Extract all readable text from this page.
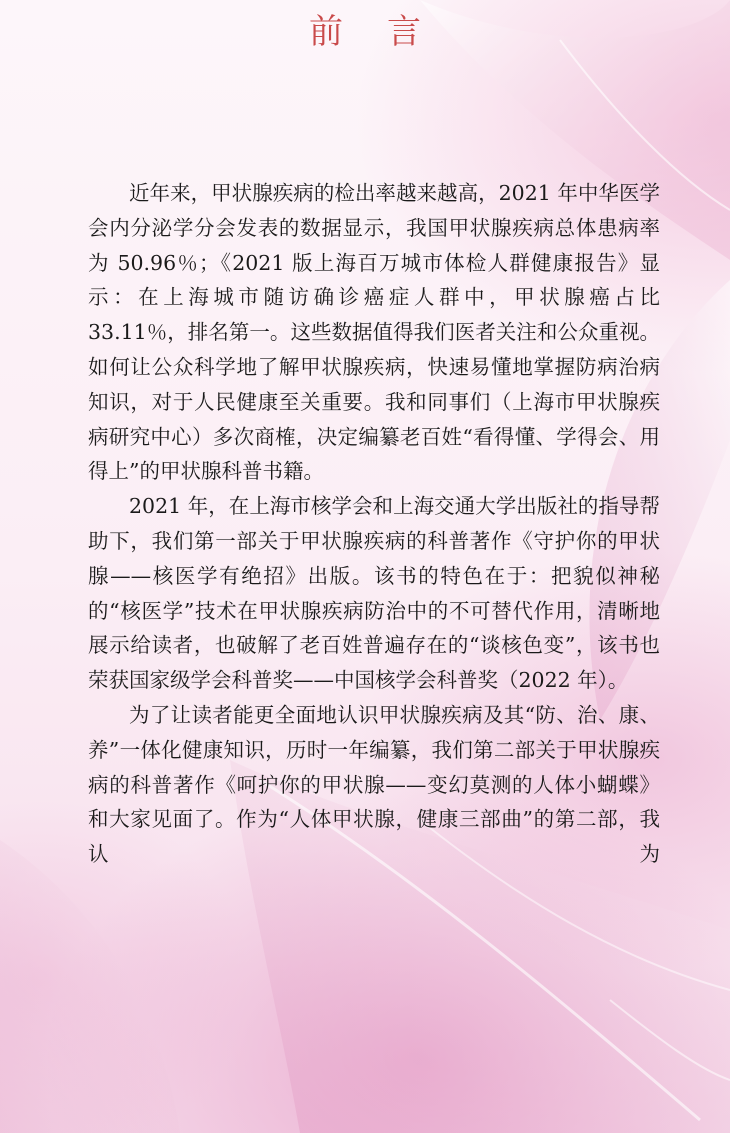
前言

近年来，甲状腺疾病的检出率越来越高，2021 年中华医学会内分泌学分会发表的数据显示，我国甲状腺疾病总体患病率为 50.96％；《2021 版上海百万城市体检人群健康报告》显示：在上海城市随访确诊癌症人群中，甲状腺癌占比 33.11％，排名第一。这些数据值得我们医者关注和公众重视。如何让公众科学地了解甲状腺疾病，快速易懂地掌握防病治病知识，对于人民健康至关重要。我和同事们（上海市甲状腺疾病研究中心）多次商榷，决定编纂老百姓“看得懂、学得会、用得上”的甲状腺科普书籍。

2021 年，在上海市核学会和上海交通大学出版社的指导帮助下，我们第一部关于甲状腺疾病的科普著作《守护你的甲状腺——核医学有绝招》出版。该书的特色在于：把貌似神秘的“核医学”技术在甲状腺疾病防治中的不可替代作用，清晰地展示给读者，也破解了老百姓普遍存在的“谈核色变”，该书也荣获国家级学会科普奖——中国核学会科普奖（2022 年）。

为了让读者能更全面地认识甲状腺疾病及其“防、治、康、养”一体化健康知识，历时一年编纂，我们第二部关于甲状腺疾病的科普著作《呵护你的甲状腺——变幻莫测的人体小蝴蝶》和大家见面了。作为“人体甲状腺，健康三部曲”的第二部，我认为
